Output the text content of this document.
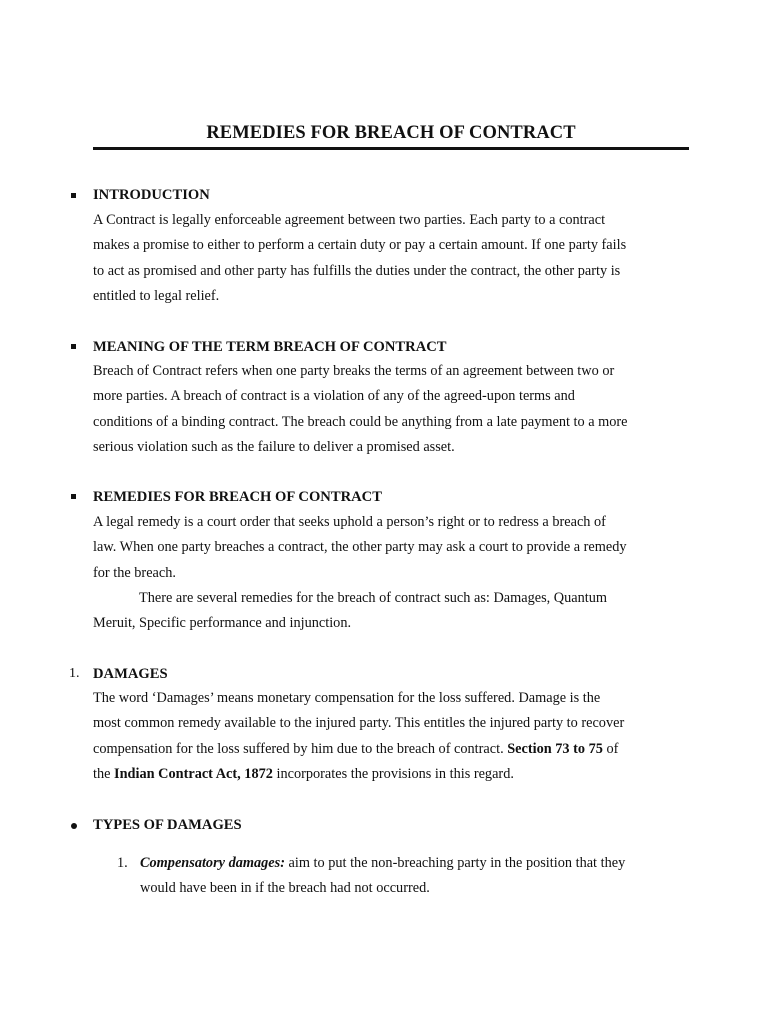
REMEDIES FOR BREACH OF CONTRACT
INTRODUCTION
A Contract is legally enforceable agreement between two parties. Each party to a contract
makes a promise to either to perform a certain duty or pay a certain amount. If one party fails
to act as promised and other party has fulfills the duties under the contract, the other party is
entitled to legal relief.
MEANING OF THE TERM BREACH OF CONTRACT
Breach of Contract refers when one party breaks the terms of an agreement between two or
more parties. A breach of contract is a violation of any of the agreed-upon terms and
conditions of a binding contract. The breach could be anything from a late payment to a more
serious violation such as the failure to deliver a promised asset.
REMEDIES FOR BREACH OF CONTRACT
A legal remedy is a court order that seeks uphold a person’s right or to redress a breach of
law. When one party breaches a contract, the other party may ask a court to provide a remedy
for the breach.
There are several remedies for the breach of contract such as: Damages, Quantum
Meruit, Specific performance and injunction.
1. DAMAGES
The word ‘Damages’ means monetary compensation for the loss suffered. Damage is the
most common remedy available to the injured party. This entitles the injured party to recover
compensation for the loss suffered by him due to the breach of contract. Section 73 to 75 of
the Indian Contract Act, 1872 incorporates the provisions in this regard.
TYPES OF DAMAGES
1. Compensatory damages: aim to put the non-breaching party in the position that they
would have been in if the breach had not occurred.
